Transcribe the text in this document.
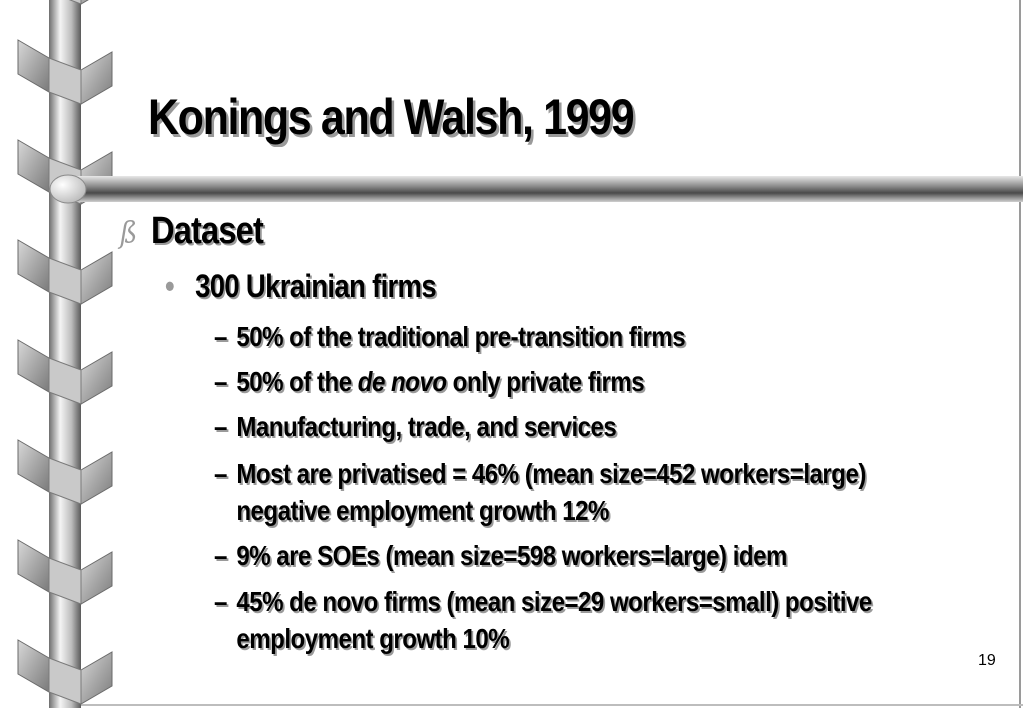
Konings and Walsh, 1999
ß Dataset
• 300 Ukrainian firms
– 50% of the traditional pre-transition firms
– 50% of the de novo only private firms
– Manufacturing, trade, and services
– Most are privatised = 46% (mean size=452 workers=large)
negative employment growth 12%
– 9% are SOEs (mean size=598 workers=large) idem
– 45% de novo firms (mean size=29 workers=small) positive
employment growth 10%
19
